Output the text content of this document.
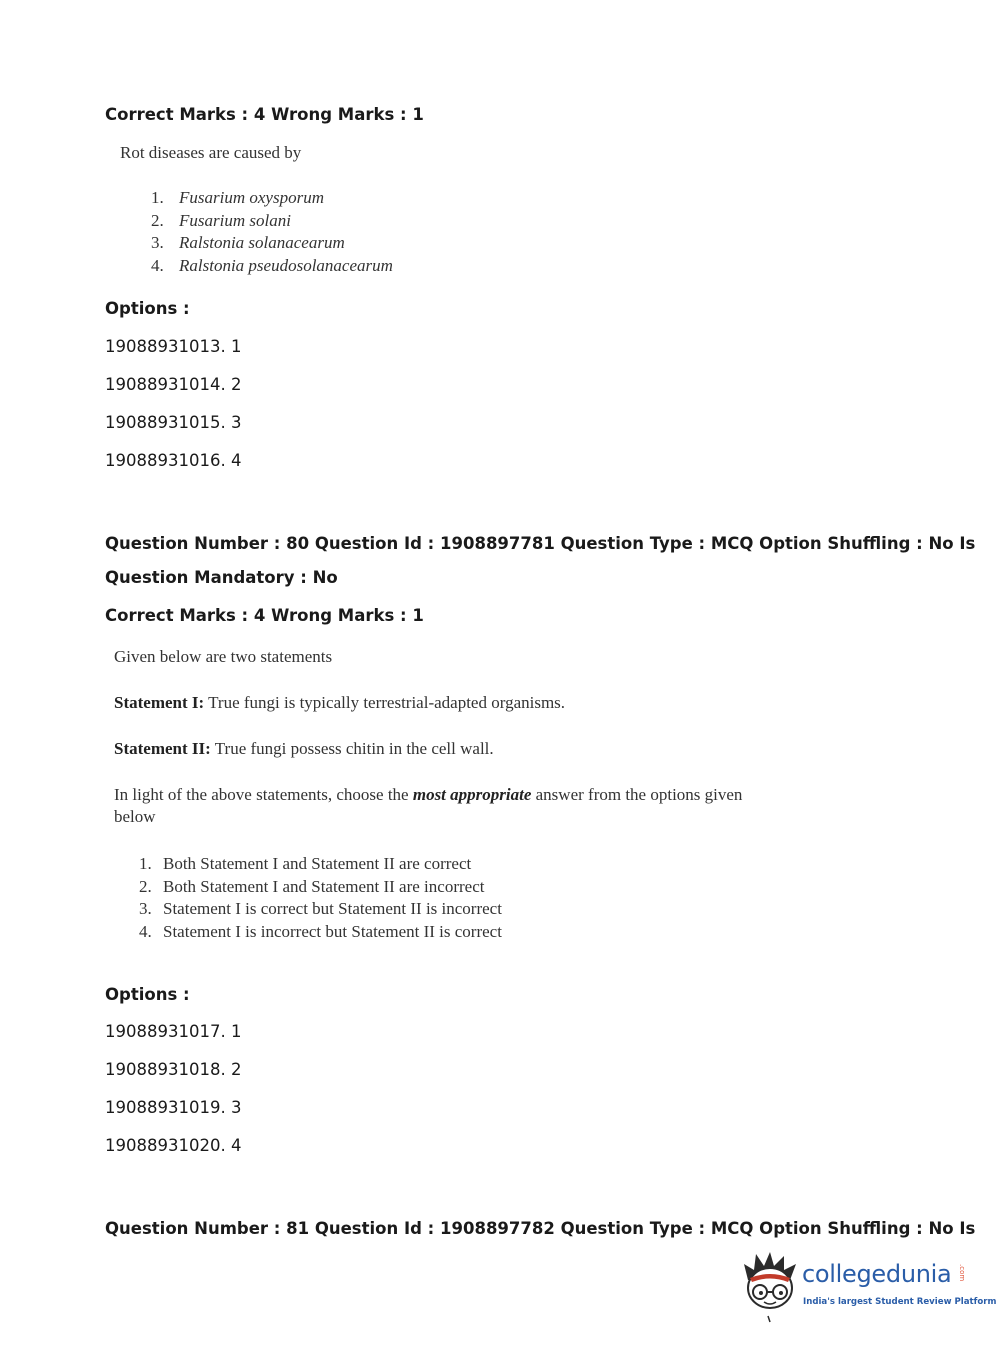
Correct Marks : 4 Wrong Marks : 1
Rot diseases are caused by
1. Fusarium oxysporum
2. Fusarium solani
3. Ralstonia solanacearum
4. Ralstonia pseudosolanacearum
Options :
19088931013. 1
19088931014. 2
19088931015. 3
19088931016. 4
Question Number : 80 Question Id : 1908897781 Question Type : MCQ Option Shuffling : No Is
Question Mandatory : No
Correct Marks : 4 Wrong Marks : 1
Given below are two statements
Statement I: True fungi is typically terrestrial-adapted organisms.
Statement II: True fungi possess chitin in the cell wall.
In light of the above statements, choose the most appropriate answer from the options given
below
1. Both Statement I and Statement II are correct
2. Both Statement I and Statement II are incorrect
3. Statement I is correct but Statement II is incorrect
4. Statement I is incorrect but Statement II is correct
Options :
19088931017. 1
19088931018. 2
19088931019. 3
19088931020. 4
Question Number : 81 Question Id : 1908897782 Question Type : MCQ Option Shuffling : No Is
collegedunia .com
India's largest Student Review Platform
